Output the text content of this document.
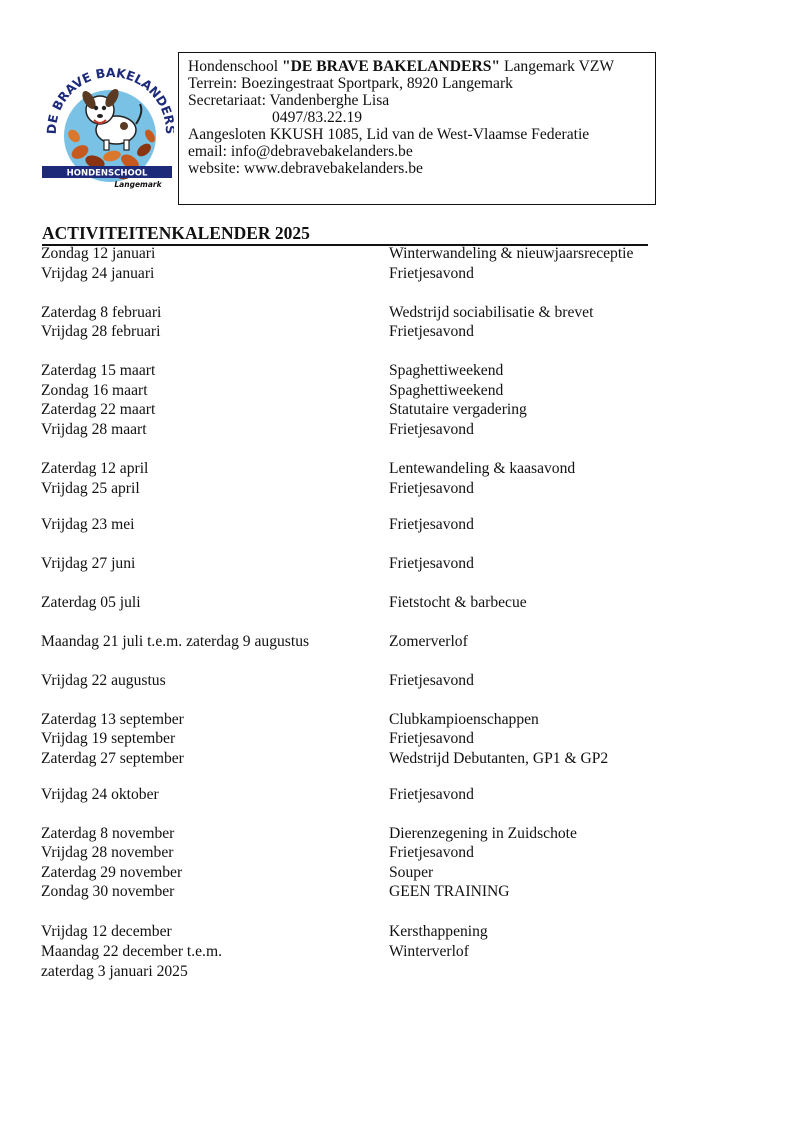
DE BRAVE BAKELANDE
HONDENSCHOOL
Langemark
Hondenschool "DE BRAVE BAKELANDERS" Langemark VZW
Terrein: Boezingestraat Sportpark, 8920 Langemark
Secretariaat: Vandenberghe Lisa
0497/83.22.19
Aangesloten KKUSH 1085, Lid van de West-Vlaamse Federatie
email: info@debravebakelanders.be
website: www.debravebakelanders.be
ACTIVITEITENKALENDER 2025
Zondag 12 januari	Winterwandeling & nieuwjaarsreceptie
Vrijdag 24 januari	Frietjesavond
Zaterdag 8 februari	Wedstrijd sociabilisatie & brevet
Vrijdag 28 februari	Frietjesavond
Zaterdag 15 maart	Spaghettiweekend
Zondag 16 maart	Spaghettiweekend
Zaterdag 22 maart	Statutaire vergadering
Vrijdag 28 maart	Frietjesavond
Zaterdag 12 april	Lentewandeling & kaasavond
Vrijdag 25 april	Frietjesavond
Vrijdag 23 mei	Frietjesavond
Vrijdag 27 juni	Frietjesavond
Zaterdag 05 juli	Fietstocht & barbecue
Maandag 21 juli t.e.m. zaterdag 9 augustus	Zomerverlof
Vrijdag 22 augustus	Frietjesavond
Zaterdag 13 september	Clubkampioenschappen
Vrijdag 19 september	Frietjesavond
Zaterdag 27 september	Wedstrijd Debutanten, GP1 & GP2
Vrijdag 24 oktober	Frietjesavond
Zaterdag 8 november	Dierenzegening in Zuidschote
Vrijdag 28 november	Frietjesavond
Zaterdag 29 november	Souper
Zondag 30 november	GEEN TRAINING
Vrijdag 12 december	Kersthappening
Maandag 22 december t.e.m.	Winterverlof
zaterdag 3 januari 2025
